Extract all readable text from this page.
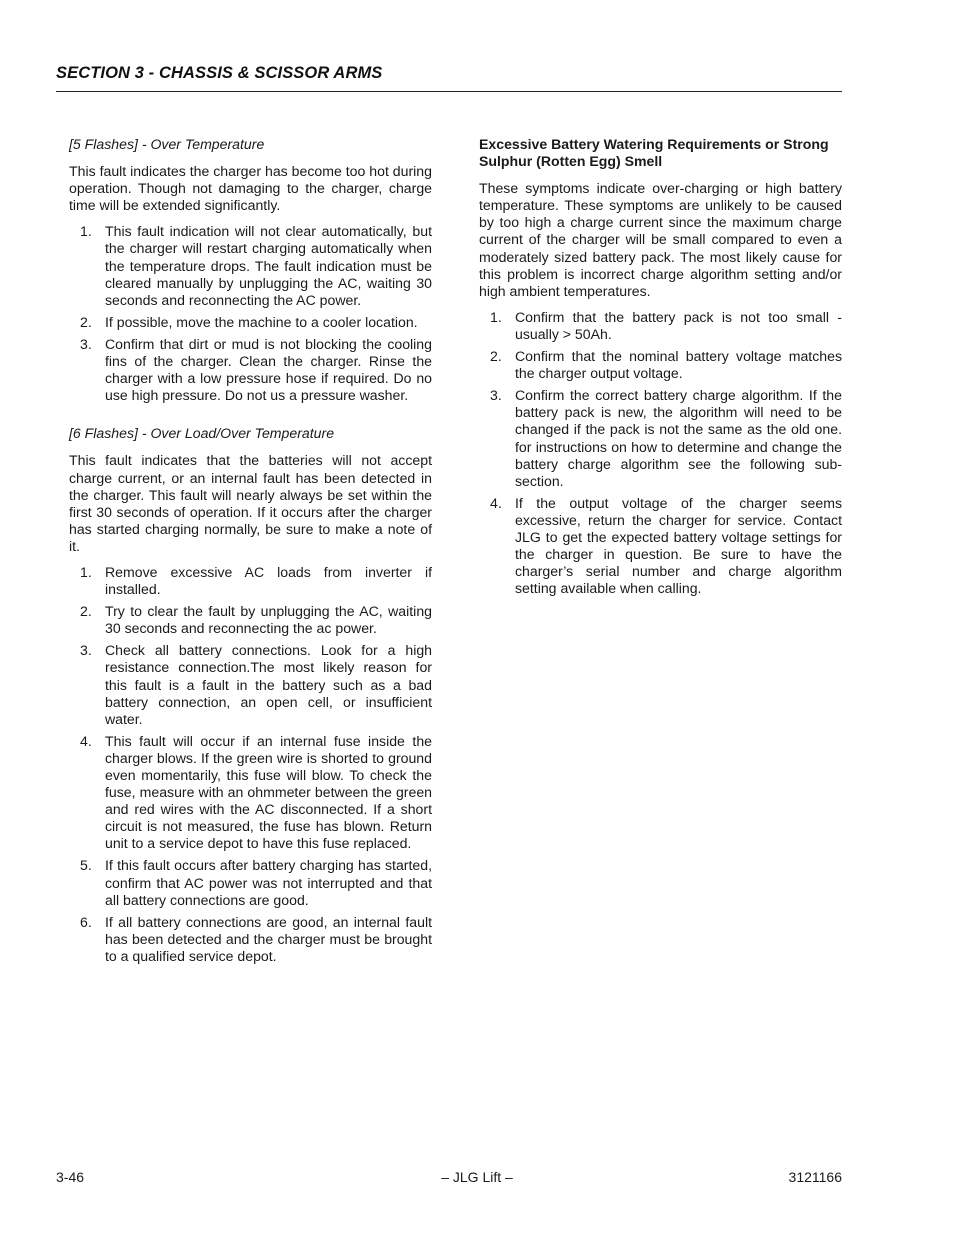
SECTION 3 - CHASSIS & SCISSOR ARMS
[5 Flashes] - Over Temperature

This fault indicates the charger has become too hot during operation. Though not damaging to the charger, charge time will be extended significantly.

1. This fault indication will not clear automatically, but the charger will restart charging automatically when the temperature drops. The fault indication must be cleared manually by unplugging the AC, waiting 30 seconds and reconnecting the AC power.
2. If possible, move the machine to a cooler location.
3. Confirm that dirt or mud is not blocking the cooling fins of the charger. Clean the charger. Rinse the charger with a low pressure hose if required. Do no use high pressure. Do not us a pressure washer.
[6 Flashes] - Over Load/Over Temperature

This fault indicates that the batteries will not accept charge current, or an internal fault has been detected in the charger. This fault will nearly always be set within the first 30 seconds of operation. If it occurs after the charger has started charging normally, be sure to make a note of it.

1. Remove excessive AC loads from inverter if installed.
2. Try to clear the fault by unplugging the AC, waiting 30 seconds and reconnecting the ac power.
3. Check all battery connections. Look for a high resistance connection.The most likely reason for this fault is a fault in the battery such as a bad battery connection, an open cell, or insufficient water.
4. This fault will occur if an internal fuse inside the charger blows. If the green wire is shorted to ground even momentarily, this fuse will blow. To check the fuse, measure with an ohmmeter between the green and red wires with the AC disconnected. If a short circuit is not measured, the fuse has blown. Return unit to a service depot to have this fuse replaced.
5. If this fault occurs after battery charging has started, confirm that AC power was not interrupted and that all battery connections are good.
6. If all battery connections are good, an internal fault has been detected and the charger must be brought to a qualified service depot.
Excessive Battery Watering Requirements or Strong Sulphur (Rotten Egg) Smell

These symptoms indicate over-charging or high battery temperature. These symptoms are unlikely to be caused by too high a charge current since the maximum charge current of the charger will be small compared to even a moderately sized battery pack. The most likely cause for this problem is incorrect charge algorithm setting and/or high ambient temperatures.

1. Confirm that the battery pack is not too small - usually > 50Ah.
2. Confirm that the nominal battery voltage matches the charger output voltage.
3. Confirm the correct battery charge algorithm. If the battery pack is new, the algorithm will need to be changed if the pack is not the same as the old one. for instructions on how to determine and change the battery charge algorithm see the following sub-section.
4. If the output voltage of the charger seems excessive, return the charger for service. Contact JLG to get the expected battery voltage settings for the charger in question. Be sure to have the charger’s serial number and charge algorithm setting available when calling.
3-46	– JLG Lift –	3121166
